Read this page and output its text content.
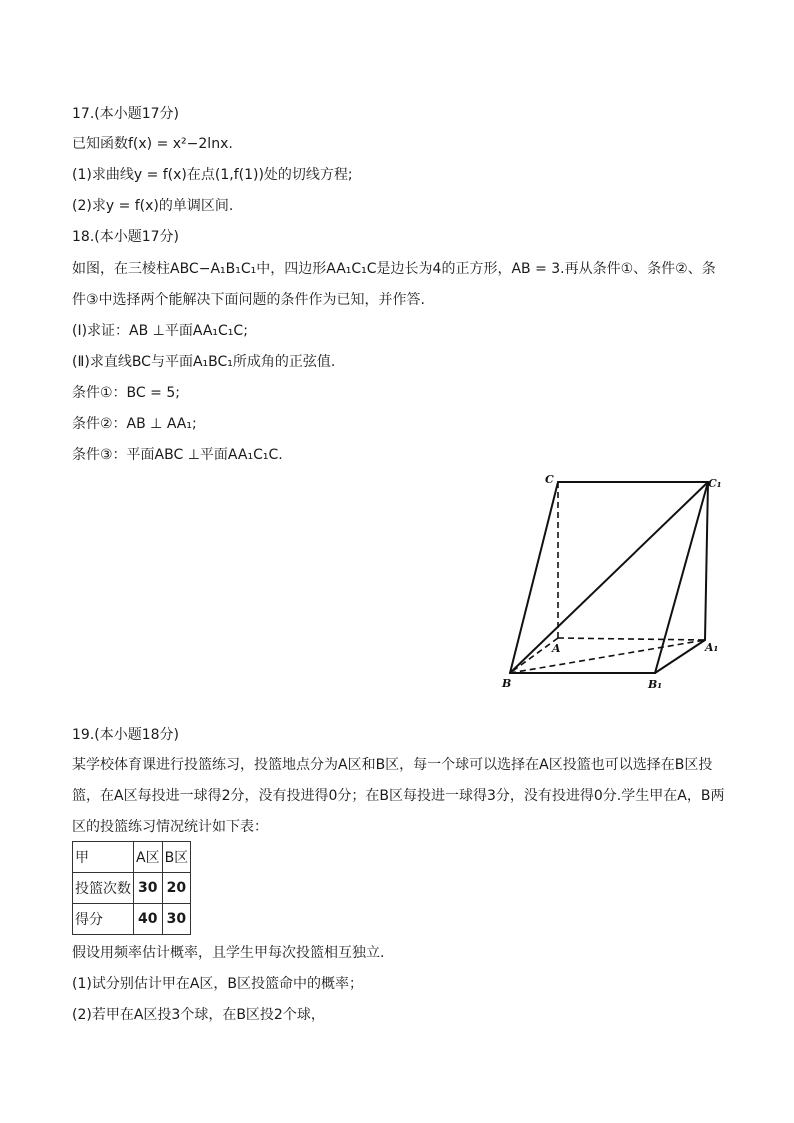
17.(本小题17分)
已知函数f(x) = x²−2lnx.
(1)求曲线y = f(x)在点(1,f(1))处的切线方程;
(2)求y = f(x)的单调区间.
18.(本小题17分)
如图，在三棱柱ABC−A₁B₁C₁中，四边形AA₁C₁C是边长为4的正方形，AB = 3.再从条件①、条件②、条
件③中选择两个能解决下面问题的条件作为已知，并作答.
(Ⅰ)求证：AB ⊥平面AA₁C₁C;
(Ⅱ)求直线BC与平面A₁BC₁所成角的正弦值.
条件①：BC = 5;
条件②：AB ⊥ AA₁;
条件③：平面ABC ⊥平面AA₁C₁C.
C	C₁
A	A₁
B	B₁
19.(本小题18分)
某学校体育课进行投篮练习，投篮地点分为A区和B区，每一个球可以选择在A区投篮也可以选择在B区投
篮，在A区每投进一球得2分，没有投进得0分；在B区每投进一球得3分，没有投进得0分.学生甲在A，B两
区的投篮练习情况统计如下表：
甲	A区	B区
投篮次数	30	20
得分	40	30
假设用频率估计概率，且学生甲每次投篮相互独立.
(1)试分别估计甲在A区，B区投篮命中的概率；
(2)若甲在A区投3个球，在B区投2个球，
